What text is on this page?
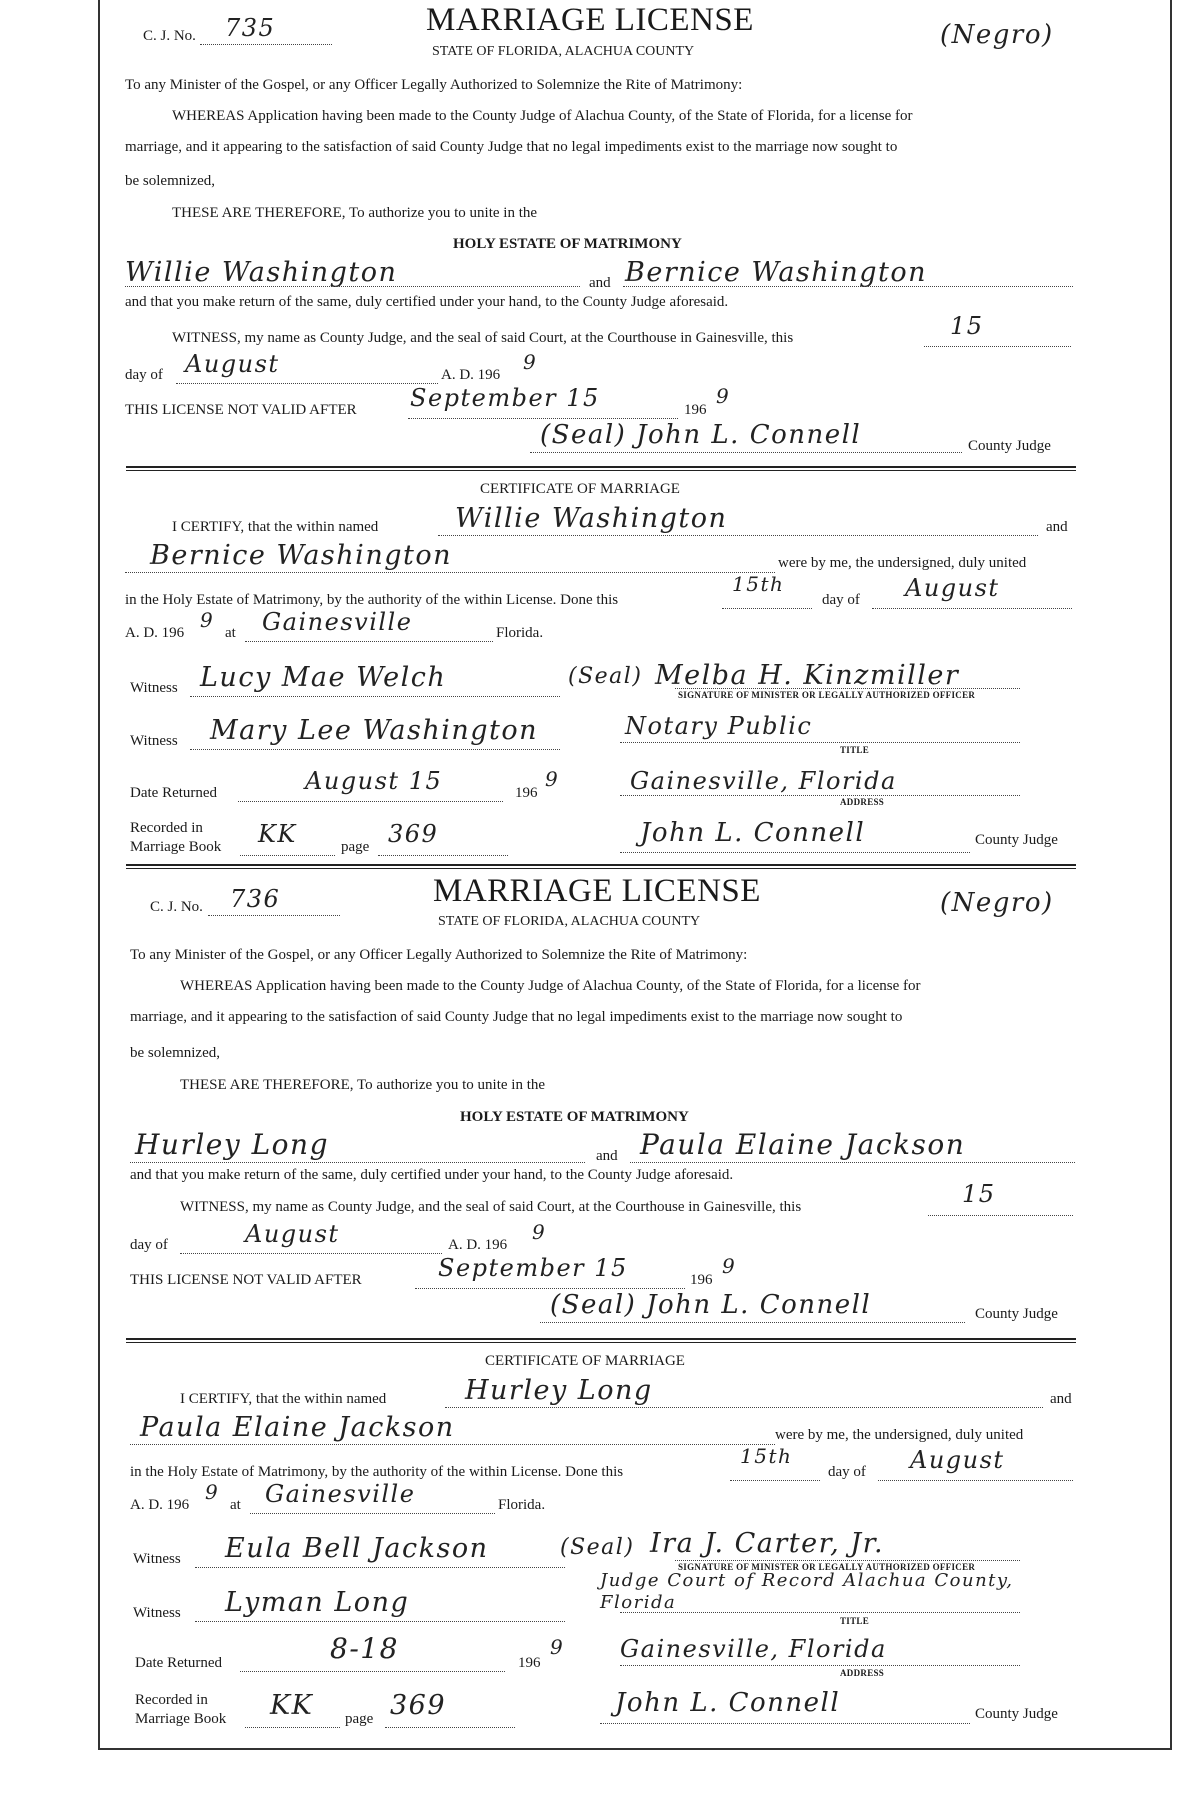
C. J. No. 735	MARRIAGE LICENSE
STATE OF FLORIDA, ALACHUA COUNTY
(Negro)
To any Minister of the Gospel, or any Officer Legally Authorized to Solemnize the Rite of Matrimony:
WHEREAS Application having been made to the County Judge of Alachua County, of the State of Florida, for a license for
marriage, and it appearing to the satisfaction of said County Judge that no legal impediments exist to the marriage now sought to
be solemnized,
THESE ARE THEREFORE, To authorize you to unite in the
HOLY ESTATE OF MATRIMONY
Willie Washington	and Bernice Washington
and that you make return of the same, duly certified under your hand, to the County Judge aforesaid.
WITNESS, my name as County Judge, and the seal of said Court, at the Courthouse in Gainesville, this	15
day of August	A. D. 196
9
THIS LICENSE NOT VALID AFTER September 15	196
9
(Seal) John L. Connell	County Judge
CERTIFICATE OF MARRIAGE
I CERTIFY, that the within named	Willie Washington	and
Bernice Washington	were by me, the undersigned, duly united
in the Holy Estate of Matrimony, by the authority of the within License. Done this
15th
day of August
A. D. 196
9
at Gainesville	Florida.
Witness Lucy Mae Welch	(Seal) Melba H. Kinzmiller
SIGNATURE OF MINISTER OR LEGALLY AUTHORIZED OFFICER
Witness Mary Lee Washington	Notary Public
TITLE
Date Returned	August 15	196
9	Gainesville, Florida
ADDRESS
Recorded in
Marriage Book KK	page 369	John L. Connell	County Judge
C. J. No. 736	MARRIAGE LICENSE
STATE OF FLORIDA, ALACHUA COUNTY
(Negro)
To any Minister of the Gospel, or any Officer Legally Authorized to Solemnize the Rite of Matrimony:
WHEREAS Application having been made to the County Judge of Alachua County, of the State of Florida, for a license for
marriage, and it appearing to the satisfaction of said County Judge that no legal impediments exist to the marriage now sought to
be solemnized,
THESE ARE THEREFORE, To authorize you to unite in the
HOLY ESTATE OF MATRIMONY
Hurley Long	and Paula Elaine Jackson
and that you make return of the same, duly certified under your hand, to the County Judge aforesaid.
WITNESS, my name as County Judge, and the seal of said Court, at the Courthouse in Gainesville, this	15
day of	August	A. D. 196
9
THIS LICENSE NOT VALID AFTER	September 15	196
9
(Seal) John L. Connell	County Judge
CERTIFICATE OF MARRIAGE
I CERTIFY, that the within named	Hurley Long	and
Paula Elaine Jackson	were by me, the undersigned, duly united
in the Holy Estate of Matrimony, by the authority of the within License. Done this
15th
day of August
A. D. 196
9
at Gainesville	Florida.
Witness Eula Bell Jackson	(Seal) Ira J. Carter, Jr.
SIGNATURE OF MINISTER OR LEGALLY AUTHORIZED OFFICER
Witness Lyman Long
Judge Court of Record Alachua County, Florida
TITLE
Date Returned	8-18	196
9 Gainesville, Florida
ADDRESS
Recorded in
Marriage Book KK page 369	John L. Connell	County Judge
